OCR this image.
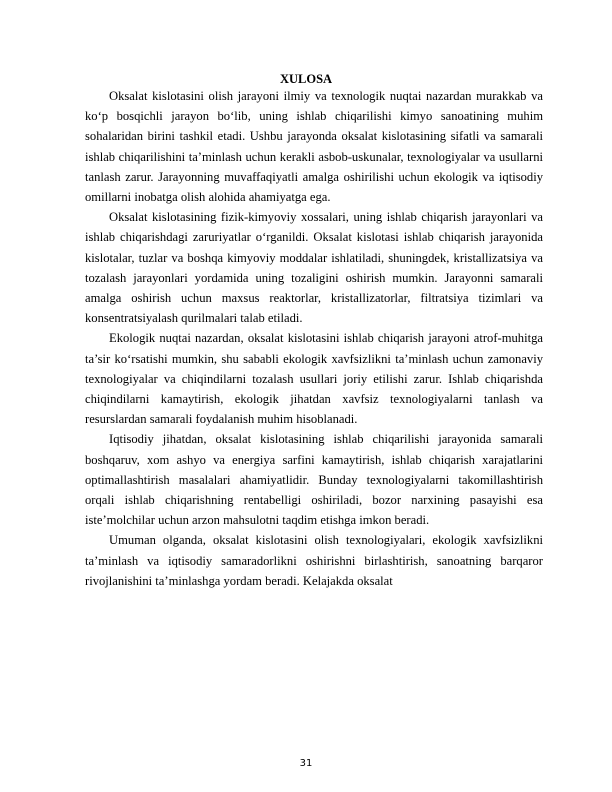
XULOSA

Oksalat kislotasini olish jarayoni ilmiy va texnologik nuqtai nazardan murakkab va ko‘p bosqichli jarayon bo‘lib, uning ishlab chiqarilishi kimyo sanoatining muhim sohalaridan birini tashkil etadi. Ushbu jarayonda oksalat kislotasining sifatli va samarali ishlab chiqarilishini ta’minlash uchun kerakli asbob-uskunalar, texnologiyalar va usullarni tanlash zarur. Jarayonning muvaffaqiyatli amalga oshirilishi uchun ekologik va iqtisodiy omillarni inobatga olish alohida ahamiyatga ega.

Oksalat kislotasining fizik-kimyoviy xossalari, uning ishlab chiqarish jarayonlari va ishlab chiqarishdagi zaruriyatlar o‘rganildi. Oksalat kislotasi ishlab chiqarish jarayonida kislotalar, tuzlar va boshqa kimyoviy moddalar ishlatiladi, shuningdek, kristallizatsiya va tozalash jarayonlari yordamida uning tozaligini oshirish mumkin. Jarayonni samarali amalga oshirish uchun maxsus reaktorlar, kristallizatorlar, filtratsiya tizimlari va konsentratsiyalash qurilmalari talab etiladi.

Ekologik nuqtai nazardan, oksalat kislotasini ishlab chiqarish jarayoni atrof-muhitga ta’sir ko‘rsatishi mumkin, shu sababli ekologik xavfsizlikni ta’minlash uchun zamonaviy texnologiyalar va chiqindilarni tozalash usullari joriy etilishi zarur. Ishlab chiqarishda chiqindilarni kamaytirish, ekologik jihatdan xavfsiz texnologiyalarni tanlash va resurslardan samarali foydalanish muhim hisoblanadi.

Iqtisodiy jihatdan, oksalat kislotasining ishlab chiqarilishi jarayonida samarali boshqaruv, xom ashyo va energiya sarfini kamaytirish, ishlab chiqarish xarajatlarini optimallashtirish masalalari ahamiyatlidir. Bunday texnologiyalarni takomillashtirish orqali ishlab chiqarishning rentabelligi oshiriladi, bozor narxining pasayishi esa iste’molchilar uchun arzon mahsulotni taqdim etishga imkon beradi.

Umuman olganda, oksalat kislotasini olish texnologiyalari, ekologik xavfsizlikni ta’minlash va iqtisodiy samaradorlikni oshirishni birlashtirish, sanoatning barqaror rivojlanishini ta’minlashga yordam beradi. Kelajakda oksalat

31
